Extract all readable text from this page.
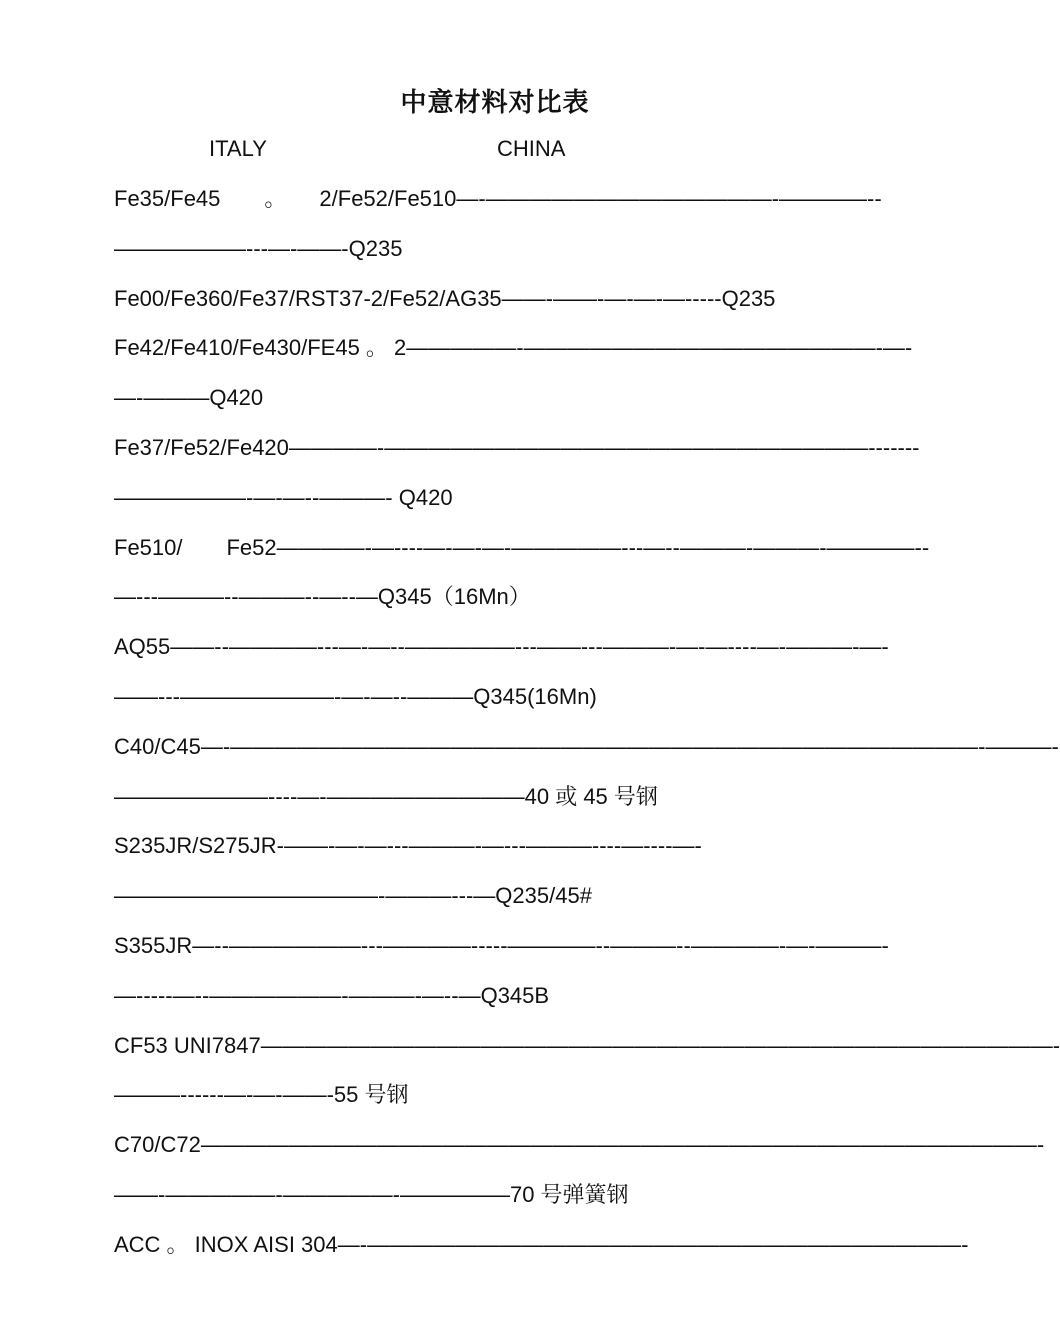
中意材料对比表
ITALY	CHINA
Fe35/Fe45　　。　　2/Fe52/Fe510—-—————————————-————--
——————---—-——-Q235
Fe00/Fe360/Fe37/RST37-2/Fe52/AG35——-——-—-—-—-----Q235
Fe42/Fe410/Fe430/FE45 。 2—————-————————————————-—-
—-———Q420
Fe37/Fe52/Fe420————-——————————————————————-------
——————-—-—--———- Q420
Fe510/　　Fe52————-—----—-—-—-—————---—--———-———-————--
—---———--———--—--—Q345（16Mn）
AQ55——--————---—-—--—————---——---———-—-—----—-———-—-
——---———————-—-—--———Q345(16Mn)
C40/C45—-——————————————————————————————————-———-
———————----—-—————————40 或 45 号钢
S235JR/S275JR-——-—-—---———-—---———----—----—-
————————————-———---—Q235/45#
S355JR—--——————---————-----————--———--————-—-———-
—-----—--——————-———-—--—Q345B
CF53 UNI7847————————————————————————————————————-
———------—-—-——-55 号钢
C70/C72——————————————————————————————————————-
——-—————-—————-—————70 号弹簧钢
ACC 。 INOX AISI 304—-———————————————————————————-
